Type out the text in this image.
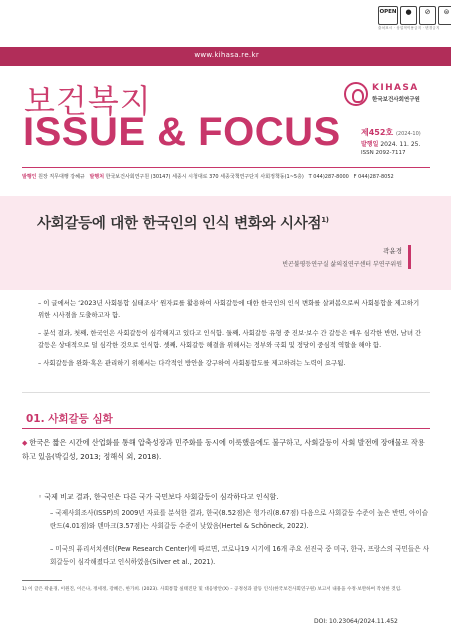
OPEN	●	⊘	⊜
출처표시 · 상업적이용금지 · 변경금지
www.kihasa.re.kr
보건복지
ISSUE & FOCUS
KIHASA
한국보건사회연구원
제452호 (2024-10)
발행일 2024. 11. 25.
ISSN 2092-7117
발행인 원장 직무대행 강혜규 발행처 한국보건사회연구원 (30147) 세종시 시청대로 370 세종국책연구단지 사회정책동(1~5층) T 044)287-8000 F 044)287-8052
사회갈등에 대한 한국인의 인식 변화와 시사점$^{1)}$
곽윤경
빈곤불평등연구실 삶의질연구센터 부연구위원

– 이 글에서는 ‘2023년 사회통합 실태조사’ 원자료를 활용하여 사회갈등에 대한 한국인의 인식 변화를 살펴봄으로써 사회통합을 제고하기 위한 시사점을 도출하고자 함.

– 분석 결과, 첫째, 한국인은 사회갈등이 심각해지고 있다고 인식함. 둘째, 사회갈등 유형 중 진보·보수 간 갈등은 매우 심각한 반면, 남녀 간 갈등은 상대적으로 덜 심각한 것으로 인식함. 셋째, 사회갈등 해결을 위해서는 정부와 국회 및 정당이 중심적 역할을 해야 함.

– 사회갈등을 완화·혹은 관리하기 위해서는 다각적인 방안을 강구하여 사회통합도를 제고하려는 노력이 요구됨.

01. 사회갈등 심화
◆ 한국은 짧은 시간에 산업화를 통해 압축성장과 민주화를 동시에 이룩했음에도 불구하고, 사회갈등이 사회 발전에 장애물로 작용하고 있음(박길성, 2013; 정해식 외, 2018).
◦ 국제 비교 결과, 한국인은 다른 국가 국민보다 사회갈등이 심각하다고 인식함.
– 국제사회조사(ISSP)의 2009년 자료를 분석한 결과, 한국(8.52점)은 헝가리(8.67점) 다음으로 사회갈등 수준이 높은 반면, 아이슬란드(4.01점)와 덴마크(3.57점)는 사회갈등 수준이 낮았음(Hertel & Schöneck, 2022).
– 미국의 퓨리서치센터(Pew Research Center)에 따르면, 코로나19 시기에 16개 주요 선진국 중 미국, 한국, 프랑스의 국민들은 사회갈등이 심각해졌다고 인식하였음(Silver et al., 2021).
1) 이 글은 곽윤경, 이원진, 이은나, 정세정, 강혜은, 한가희. (2023). 사회통합 실태진단 및 대응방안(X) – 공정성과 갈등 인식(한국보건사회연구원) 보고서 내용을 수정·보완하여 작성한 것임.
DOI: 10.23064/2024.11.452
